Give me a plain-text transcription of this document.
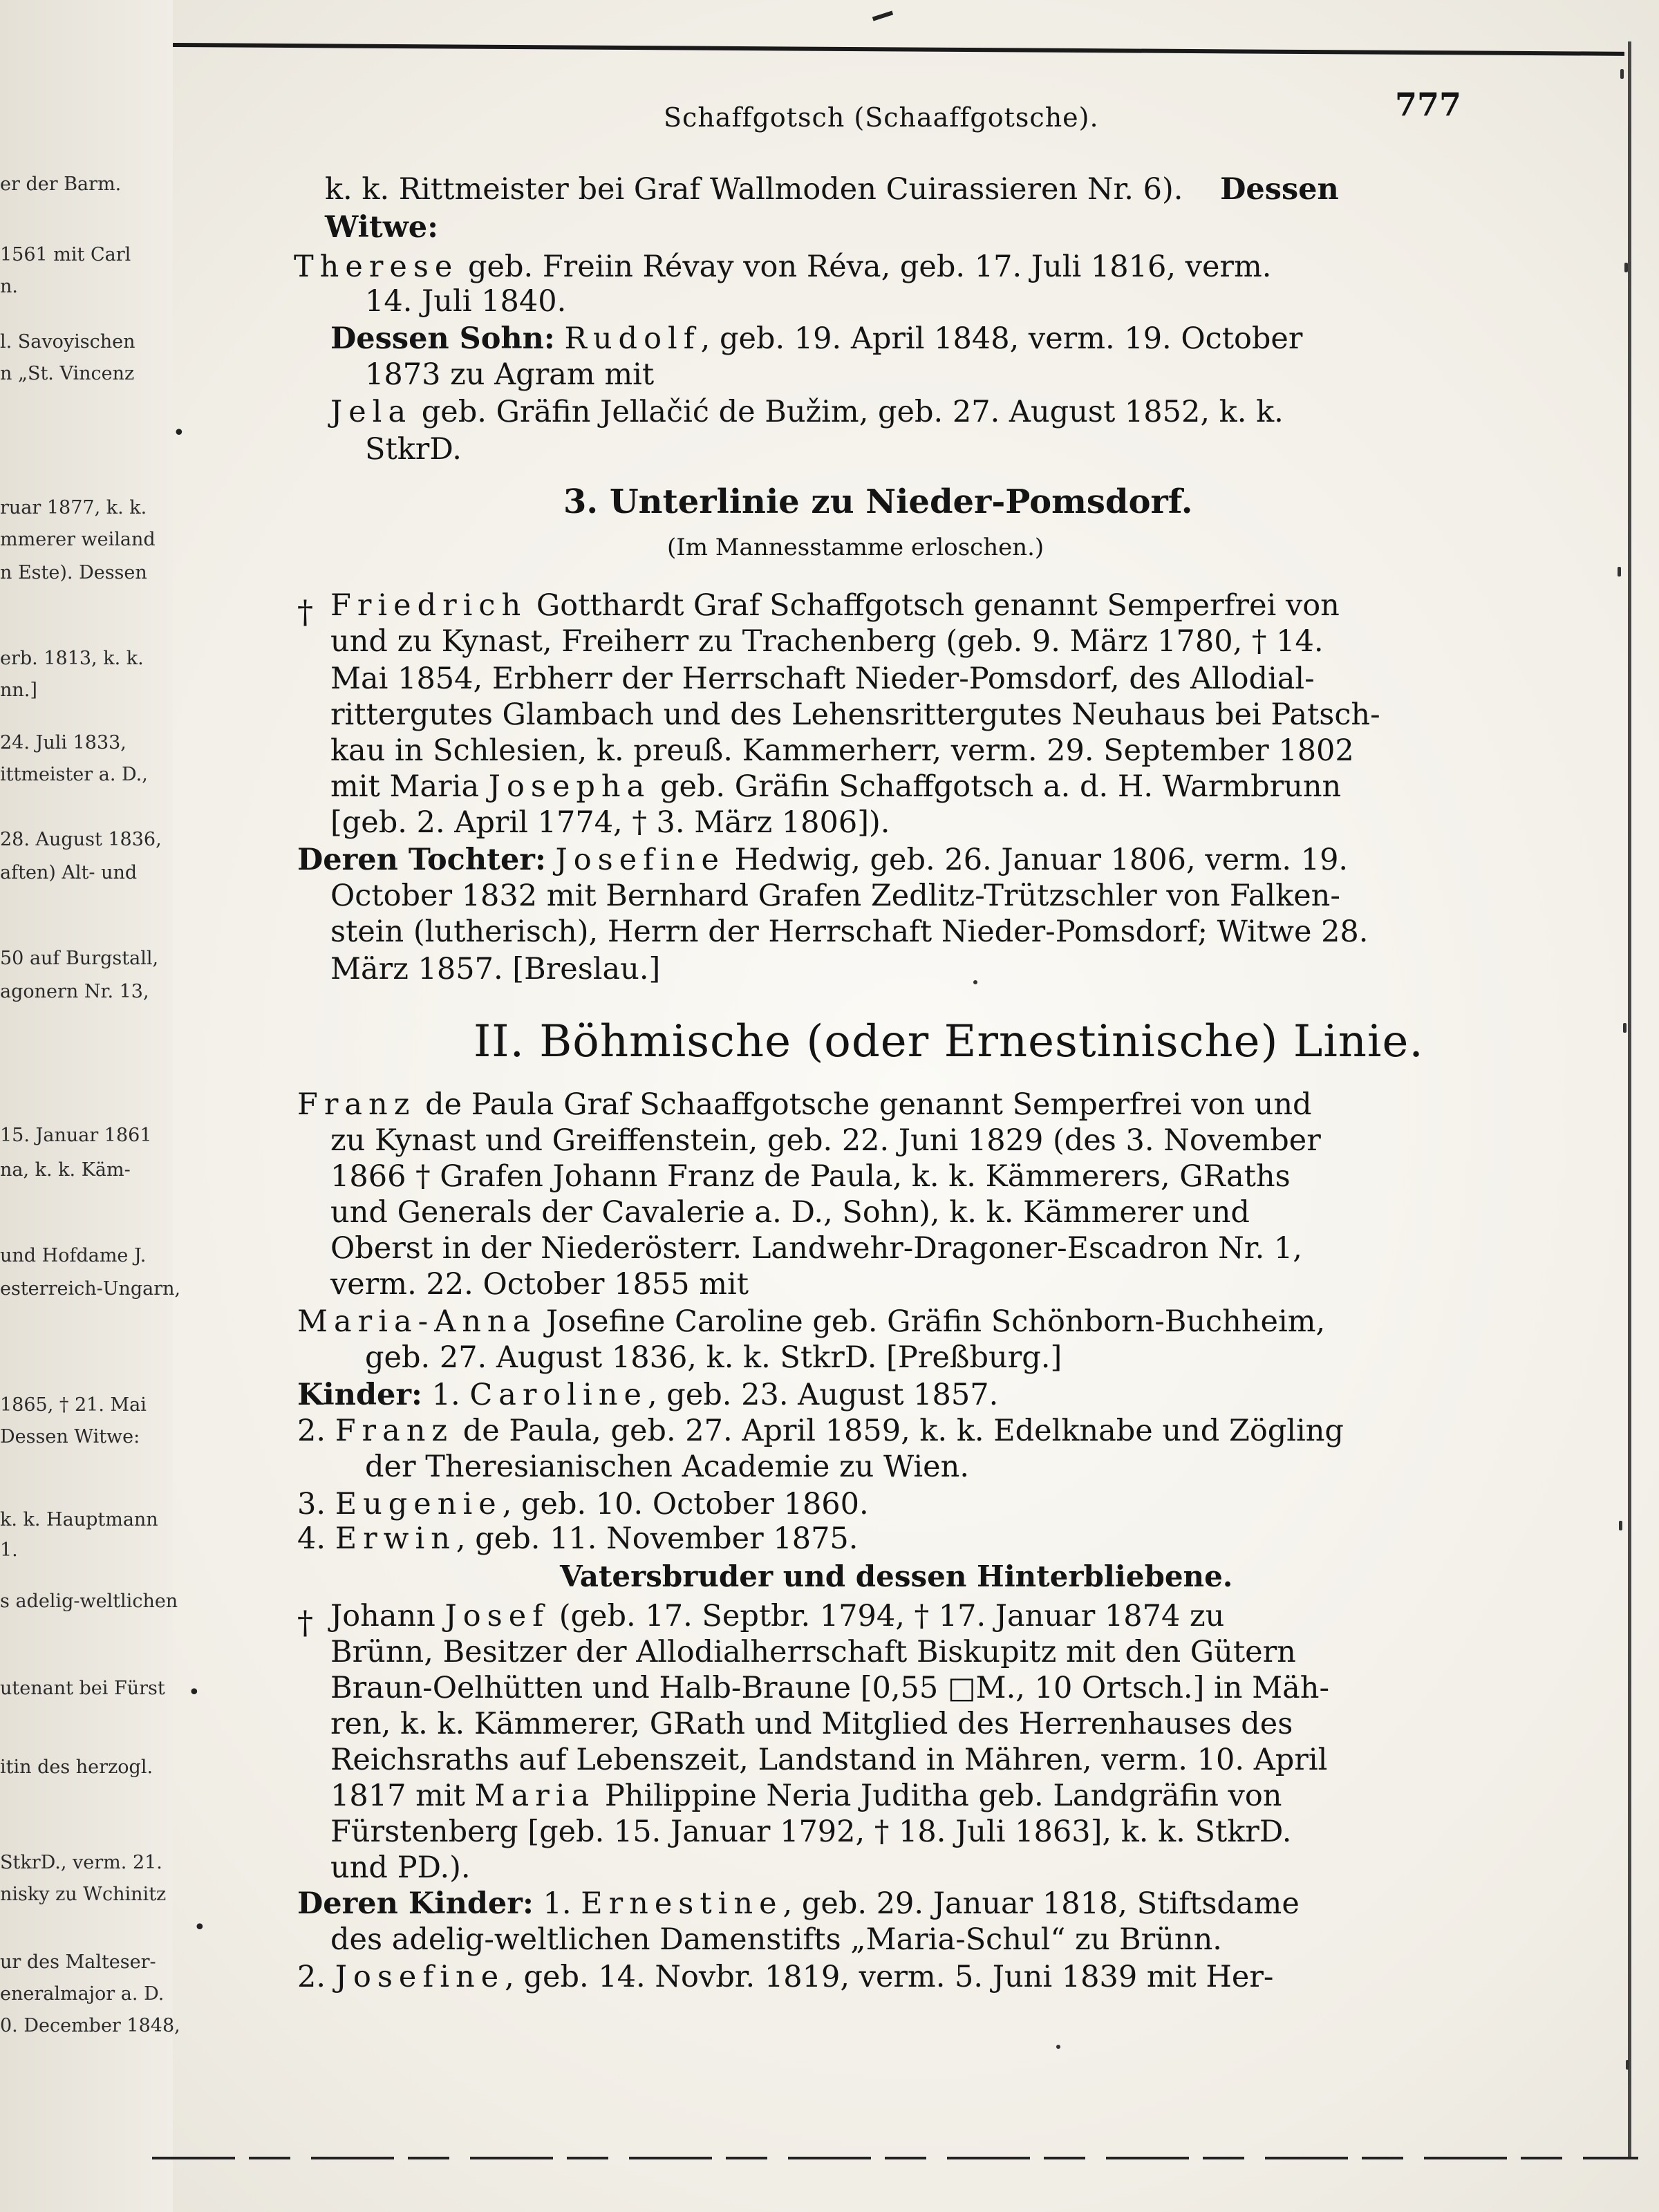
er der Barm.
1561 mit Carl
n.
l. Savoyischen
n „St. Vincenz
•
ruar 1877, k. k.
mmerer weiland
n Este). Dessen
erb. 1813, k. k.
nn.]
24. Juli 1833,
ittmeister a. D.,
28. August 1836,
aften) Alt- und
50 auf Burgstall,
agonern Nr. 13,
15. Januar 1861
na, k. k. Käm-
und Hofdame J.
esterreich-Ungarn,
1865, † 21. Mai
Dessen Witwe:
k. k. Hauptmann
1.
s adelig-weltlichen
utenant bei Fürst •
itin des herzogl.
StkrD., verm. 21.
nisky zu Wchinitz
•
ur des Malteser-
eneralmajor a. D.
0. December 1848,
Schaffgotsch (Schaaffgotsche).	777
k. k. Rittmeister bei Graf Wallmoden Cuirassieren Nr. 6). Dessen
Witwe:
Therese geb. Freiin Révay von Réva, geb. 17. Juli 1816, verm.
14. Juli 1840.
Dessen Sohn: Rudolf, geb. 19. April 1848, verm. 19. October
1873 zu Agram mit
Jela geb. Gräfin Jellačić de Bužim, geb. 27. August 1852, k. k.
StkrD.
3. Unterlinie zu Nieder-Pomsdorf.
(Im Mannesstamme erloschen.)
† Friedrich Gotthardt Graf Schaffgotsch genannt Semperfrei von
und zu Kynast, Freiherr zu Trachenberg (geb. 9. März 1780, † 14.
Mai 1854, Erbherr der Herrschaft Nieder-Pomsdorf, des Allodial-
rittergutes Glambach und des Lehensrittergutes Neuhaus bei Patsch-
kau in Schlesien, k. preuß. Kammerherr, verm. 29. September 1802
mit Maria Josepha geb. Gräfin Schaffgotsch a. d. H. Warmbrunn
[geb. 2. April 1774, † 3. März 1806]).
Deren Tochter: Josefine Hedwig, geb. 26. Januar 1806, verm. 19.
October 1832 mit Bernhard Grafen Zedlitz-Trützschler von Falken-
stein (lutherisch), Herrn der Herrschaft Nieder-Pomsdorf; Witwe 28.
März 1857. [Breslau.]
II. Böhmische (oder Ernestinische) Linie.
Franz de Paula Graf Schaaffgotsche genannt Semperfrei von und
zu Kynast und Greiffenstein, geb. 22. Juni 1829 (des 3. November
1866 † Grafen Johann Franz de Paula, k. k. Kämmerers, GRaths
und Generals der Cavalerie a. D., Sohn), k. k. Kämmerer und
Oberst in der Niederösterr. Landwehr-Dragoner-Escadron Nr. 1,
verm. 22. October 1855 mit
Maria-Anna Josefine Caroline geb. Gräfin Schönborn-Buchheim,
geb. 27. August 1836, k. k. StkrD. [Preßburg.]
Kinder: 1. Caroline, geb. 23. August 1857.
2. Franz de Paula, geb. 27. April 1859, k. k. Edelknabe und Zögling
der Theresianischen Academie zu Wien.
3. Eugenie, geb. 10. October 1860.
4. Erwin, geb. 11. November 1875.
Vatersbruder und dessen Hinterbliebene.
† Johann Josef (geb. 17. Septbr. 1794, † 17. Januar 1874 zu
Brünn, Besitzer der Allodialherrschaft Biskupitz mit den Gütern
Braun-Oelhütten und Halb-Braune [0,55 □M., 10 Ortsch.] in Mäh-
ren, k. k. Kämmerer, GRath und Mitglied des Herrenhauses des
Reichsraths auf Lebenszeit, Landstand in Mähren, verm. 10. April
1817 mit Maria Philippine Neria Juditha geb. Landgräfin von
Fürstenberg [geb. 15. Januar 1792, † 18. Juli 1863], k. k. StkrD.
und PD.).
Deren Kinder: 1. Ernestine, geb. 29. Januar 1818, Stiftsdame
des adelig-weltlichen Damenstifts „Maria-Schul“ zu Brünn.
2. Josefine, geb. 14. Novbr. 1819, verm. 5. Juni 1839 mit Her-
